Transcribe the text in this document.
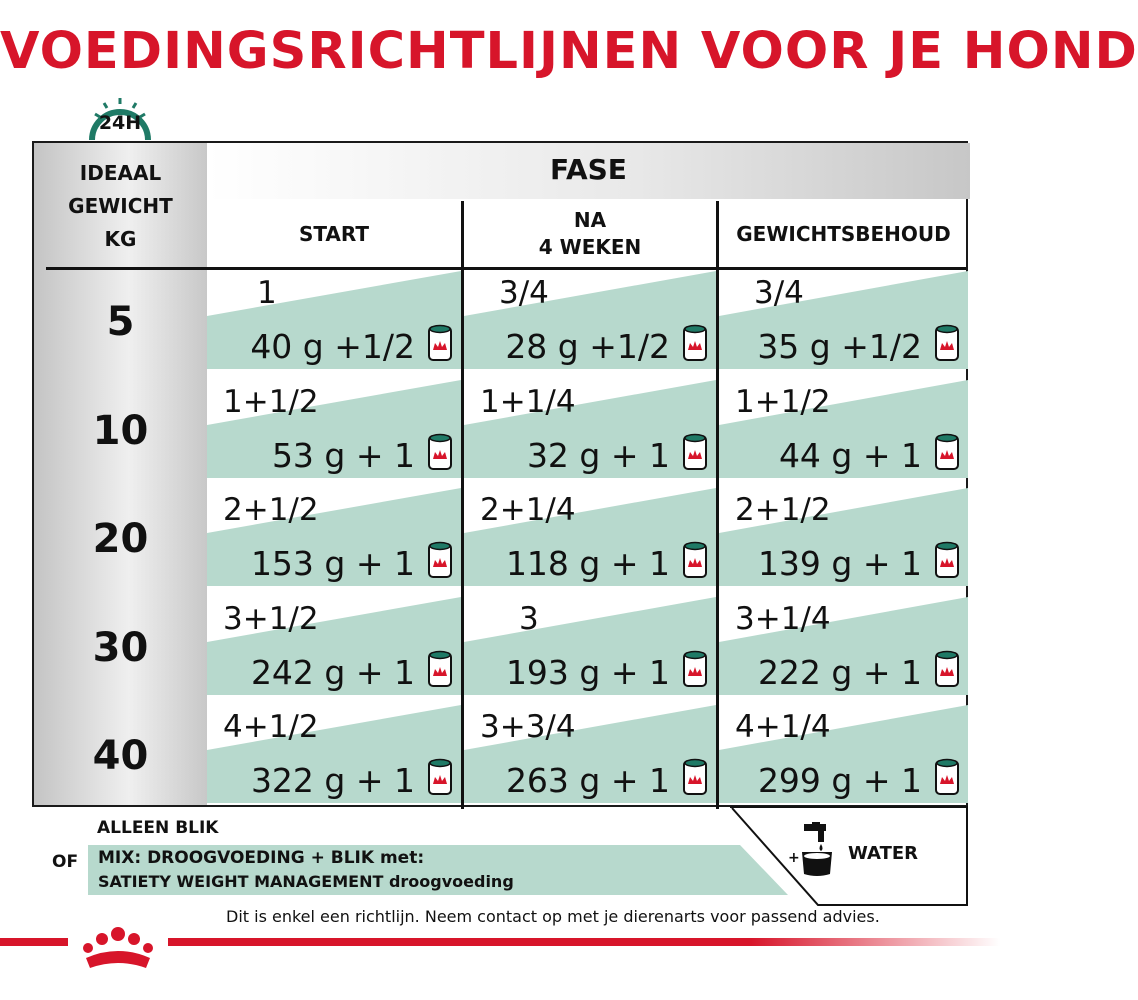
VOEDINGSRICHTLIJNEN VOOR JE HOND
24H
IDEAAL
GEWICHT
KG
FASE
START
NA
4 WEKEN
GEWICHTSBEHOUD
5
1
40 g +1/2
3/4
28 g +1/2
3/4
35 g +1/2
10
1+1/2
53 g + 1
1+1/4
32 g + 1
1+1/2
44 g + 1
20
2+1/2
153 g + 1
2+1/4
118 g + 1
2+1/2
139 g + 1
30
3+1/2
242 g + 1
3
193 g + 1
3+1/4
222 g + 1
40
4+1/2
322 g + 1
3+3/4
263 g + 1
4+1/4
299 g + 1
ALLEEN BLIK
OF MIX: DROOGVOEDING + BLIK met:
SATIETY WEIGHT MANAGEMENT droogvoeding
+	WATER
Dit is enkel een richtlijn. Neem contact op met je dierenarts voor passend advies.
